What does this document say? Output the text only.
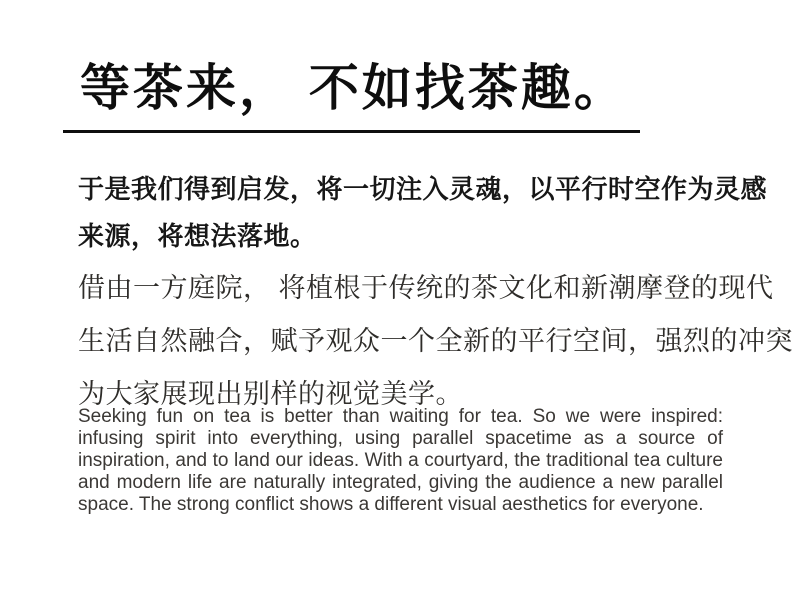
等茶来， 不如找茶趣。
于是我们得到启发，将一切注入灵魂，以平行时空作为灵感
来源，将想法落地。
借由一方庭院， 将植根于传统的茶文化和新潮摩登的现代
生活自然融合，赋予观众一个全新的平行空间，强烈的冲突
为大家展现出别样的视觉美学。

Seeking fun on tea is better than waiting for tea. So we were inspired: infusing spirit into everything, using parallel spacetime as a source of inspiration, and to land our ideas. With a courtyard, the traditional tea culture and modern life are naturally integrated, giving the audience a new parallel space. The strong conflict shows a different visual aesthetics for everyone.
